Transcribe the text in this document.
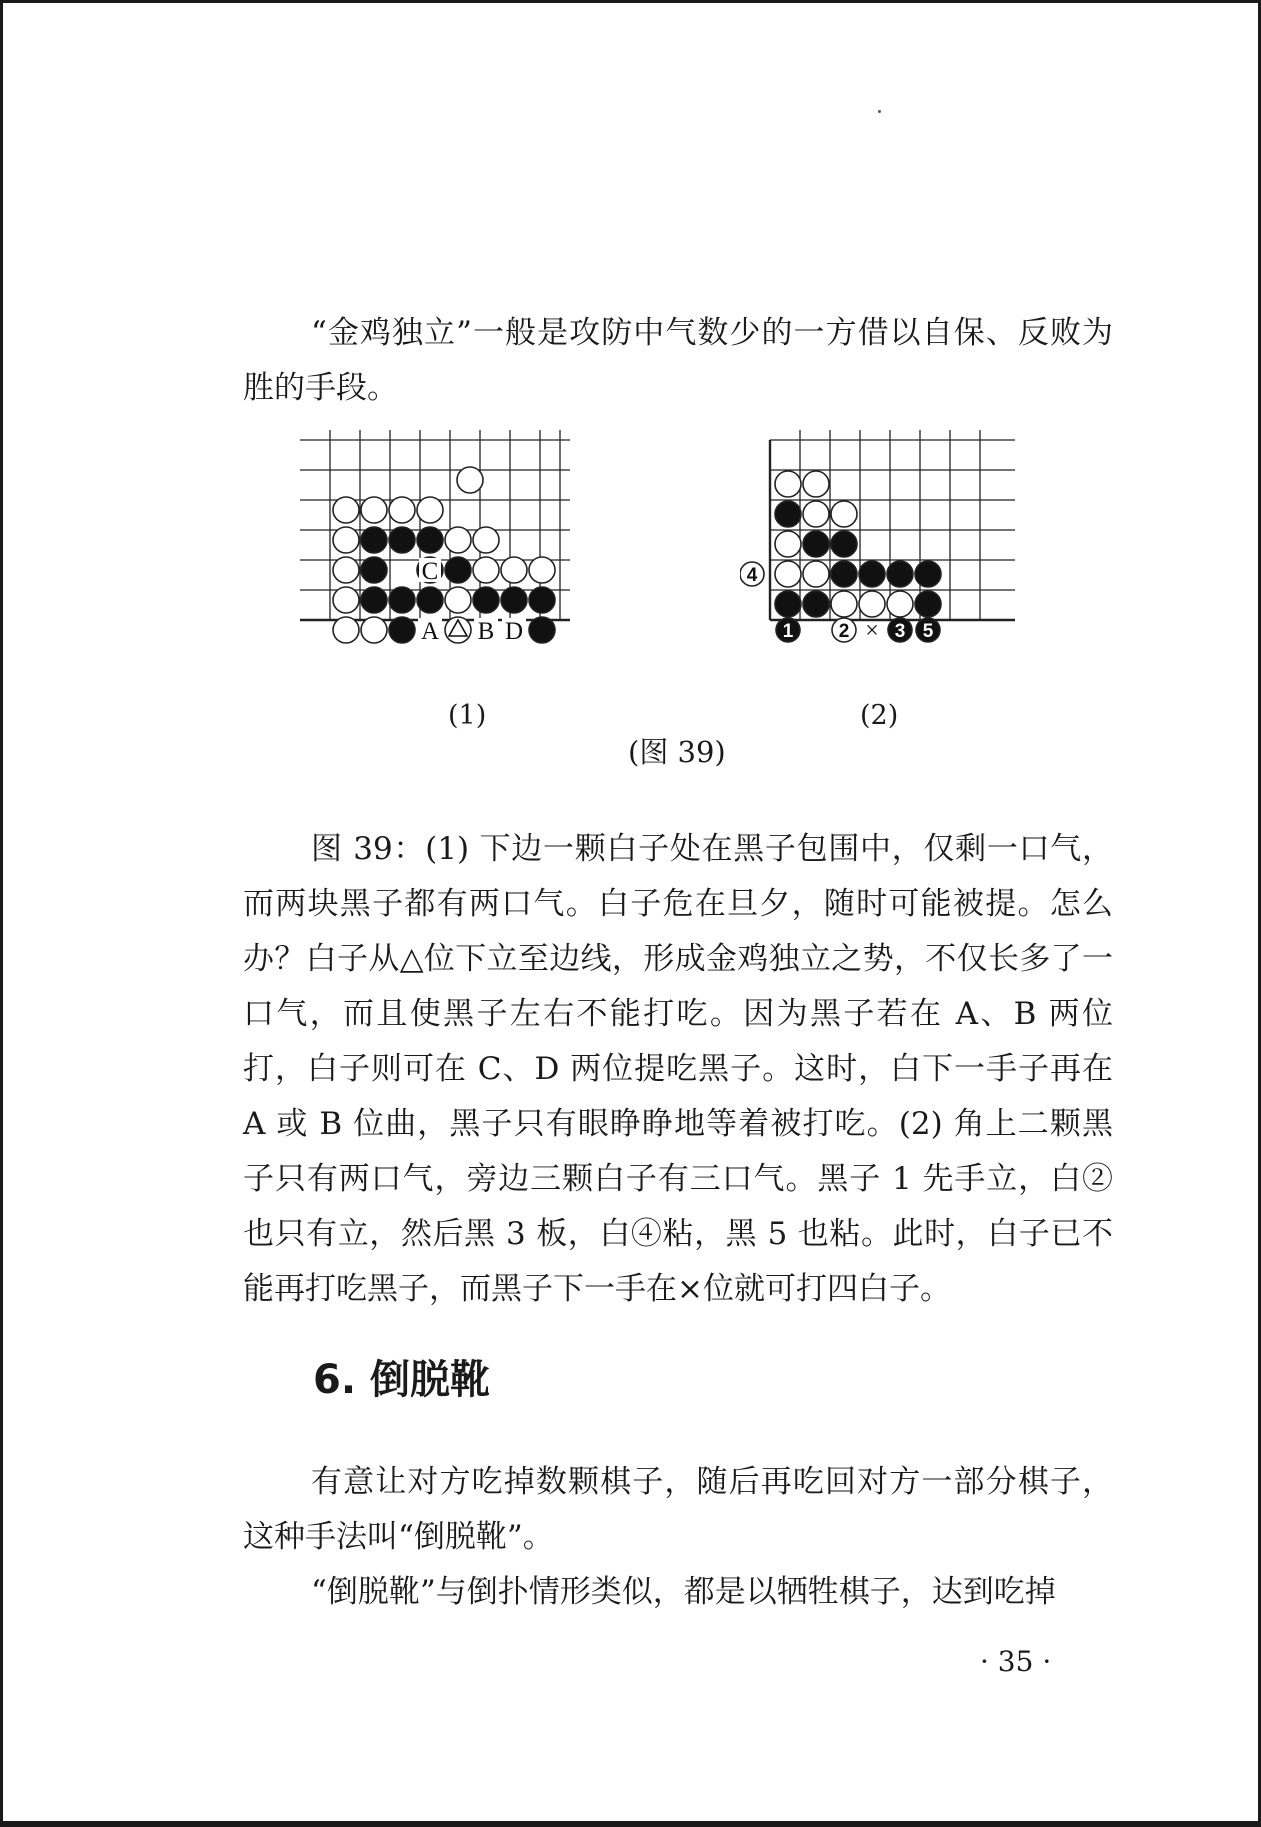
“金鸡独立”一般是攻防中气数少的一方借以自保、反败为胜的手段。

C
A B D
(1)
1 2 3
4
5
×
(2)
(图 39)

图 39：(1) 下边一颗白子处在黑子包围中，仅剩一口气，而两块黑子都有两口气。白子危在旦夕，随时可能被提。怎么办？白子从△位下立至边线，形成金鸡独立之势，不仅长多了一口气，而且使黑子左右不能打吃。因为黑子若在 A、B 两位打，白子则可在 C、D 两位提吃黑子。这时，白下一手子再在 A 或 B 位曲，黑子只有眼睁睁地等着被打吃。(2) 角上二颗黑子只有两口气，旁边三颗白子有三口气。黑子 1 先手立，白②也只有立，然后黑 3 板，白④粘，黑 5 也粘。此时，白子已不能再打吃黑子，而黑子下一手在×位就可打四白子。

6. 倒脱靴

有意让对方吃掉数颗棋子，随后再吃回对方一部分棋子，这种手法叫“倒脱靴”。

“倒脱靴”与倒扑情形类似，都是以牺牲棋子，达到吃掉

· 35 ·
